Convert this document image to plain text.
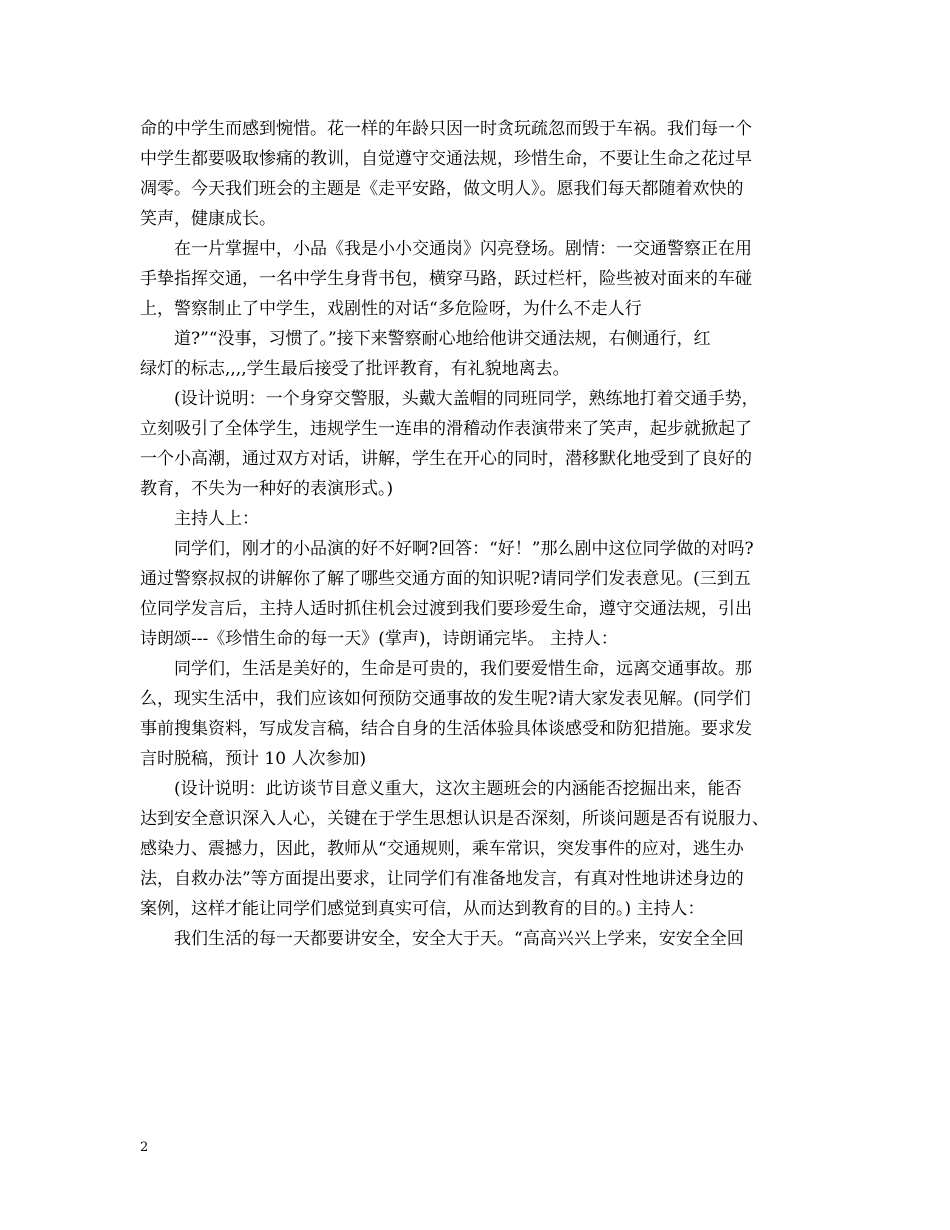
命的中学生而感到惋惜。花一样的年龄只因一时贪玩疏忽而毁于车祸。我们每一个
中学生都要吸取惨痛的教训，自觉遵守交通法规，珍惜生命，不要让生命之花过早
凋零。今天我们班会的主题是《走平安路，做文明人》。愿我们每天都随着欢快的
笑声，健康成长。
在一片掌握中，小品《我是小小交通岗》闪亮登场。剧情：一交通警察正在用
手挚指挥交通，一名中学生身背书包，横穿马路，跃过栏杆，险些被对面来的车碰
上，警察制止了中学生，戏剧性的对话“多危险呀，为什么不走人行
道?”“没事，习惯了。”接下来警察耐心地给他讲交通法规，右侧通行，红
绿灯的标志,,,,学生最后接受了批评教育，有礼貌地离去。
(设计说明：一个身穿交警服，头戴大盖帽的同班同学，熟练地打着交通手势，
立刻吸引了全体学生，违规学生一连串的滑稽动作表演带来了笑声，起步就掀起了
一个小高潮，通过双方对话，讲解，学生在开心的同时，潜移默化地受到了良好的
教育，不失为一种好的表演形式。)
主持人上：
同学们，刚才的小品演的好不好啊?回答：“好！”那么剧中这位同学做的对吗?
通过警察叔叔的讲解你了解了哪些交通方面的知识呢?请同学们发表意见。(三到五
位同学发言后，主持人适时抓住机会过渡到我们要珍爱生命，遵守交通法规，引出
诗朗颂---《珍惜生命的每一天》(掌声)，诗朗诵完毕。 主持人：
同学们，生活是美好的，生命是可贵的，我们要爱惜生命，远离交通事故。那
么，现实生活中，我们应该如何预防交通事故的发生呢?请大家发表见解。(同学们
事前搜集资料，写成发言稿，结合自身的生活体验具体谈感受和防犯措施。要求发
言时脱稿，预计 10 人次参加)
(设计说明：此访谈节目意义重大，这次主题班会的内涵能否挖掘出来，能否
达到安全意识深入人心，关键在于学生思想认识是否深刻，所谈问题是否有说服力、
感染力、震撼力，因此，教师从“交通规则，乘车常识，突发事件的应对，逃生办
法，自救办法”等方面提出要求，让同学们有准备地发言，有真对性地讲述身边的
案例，这样才能让同学们感觉到真实可信，从而达到教育的目的。) 主持人：
我们生活的每一天都要讲安全，安全大于天。“高高兴兴上学来，安安全全回
2
